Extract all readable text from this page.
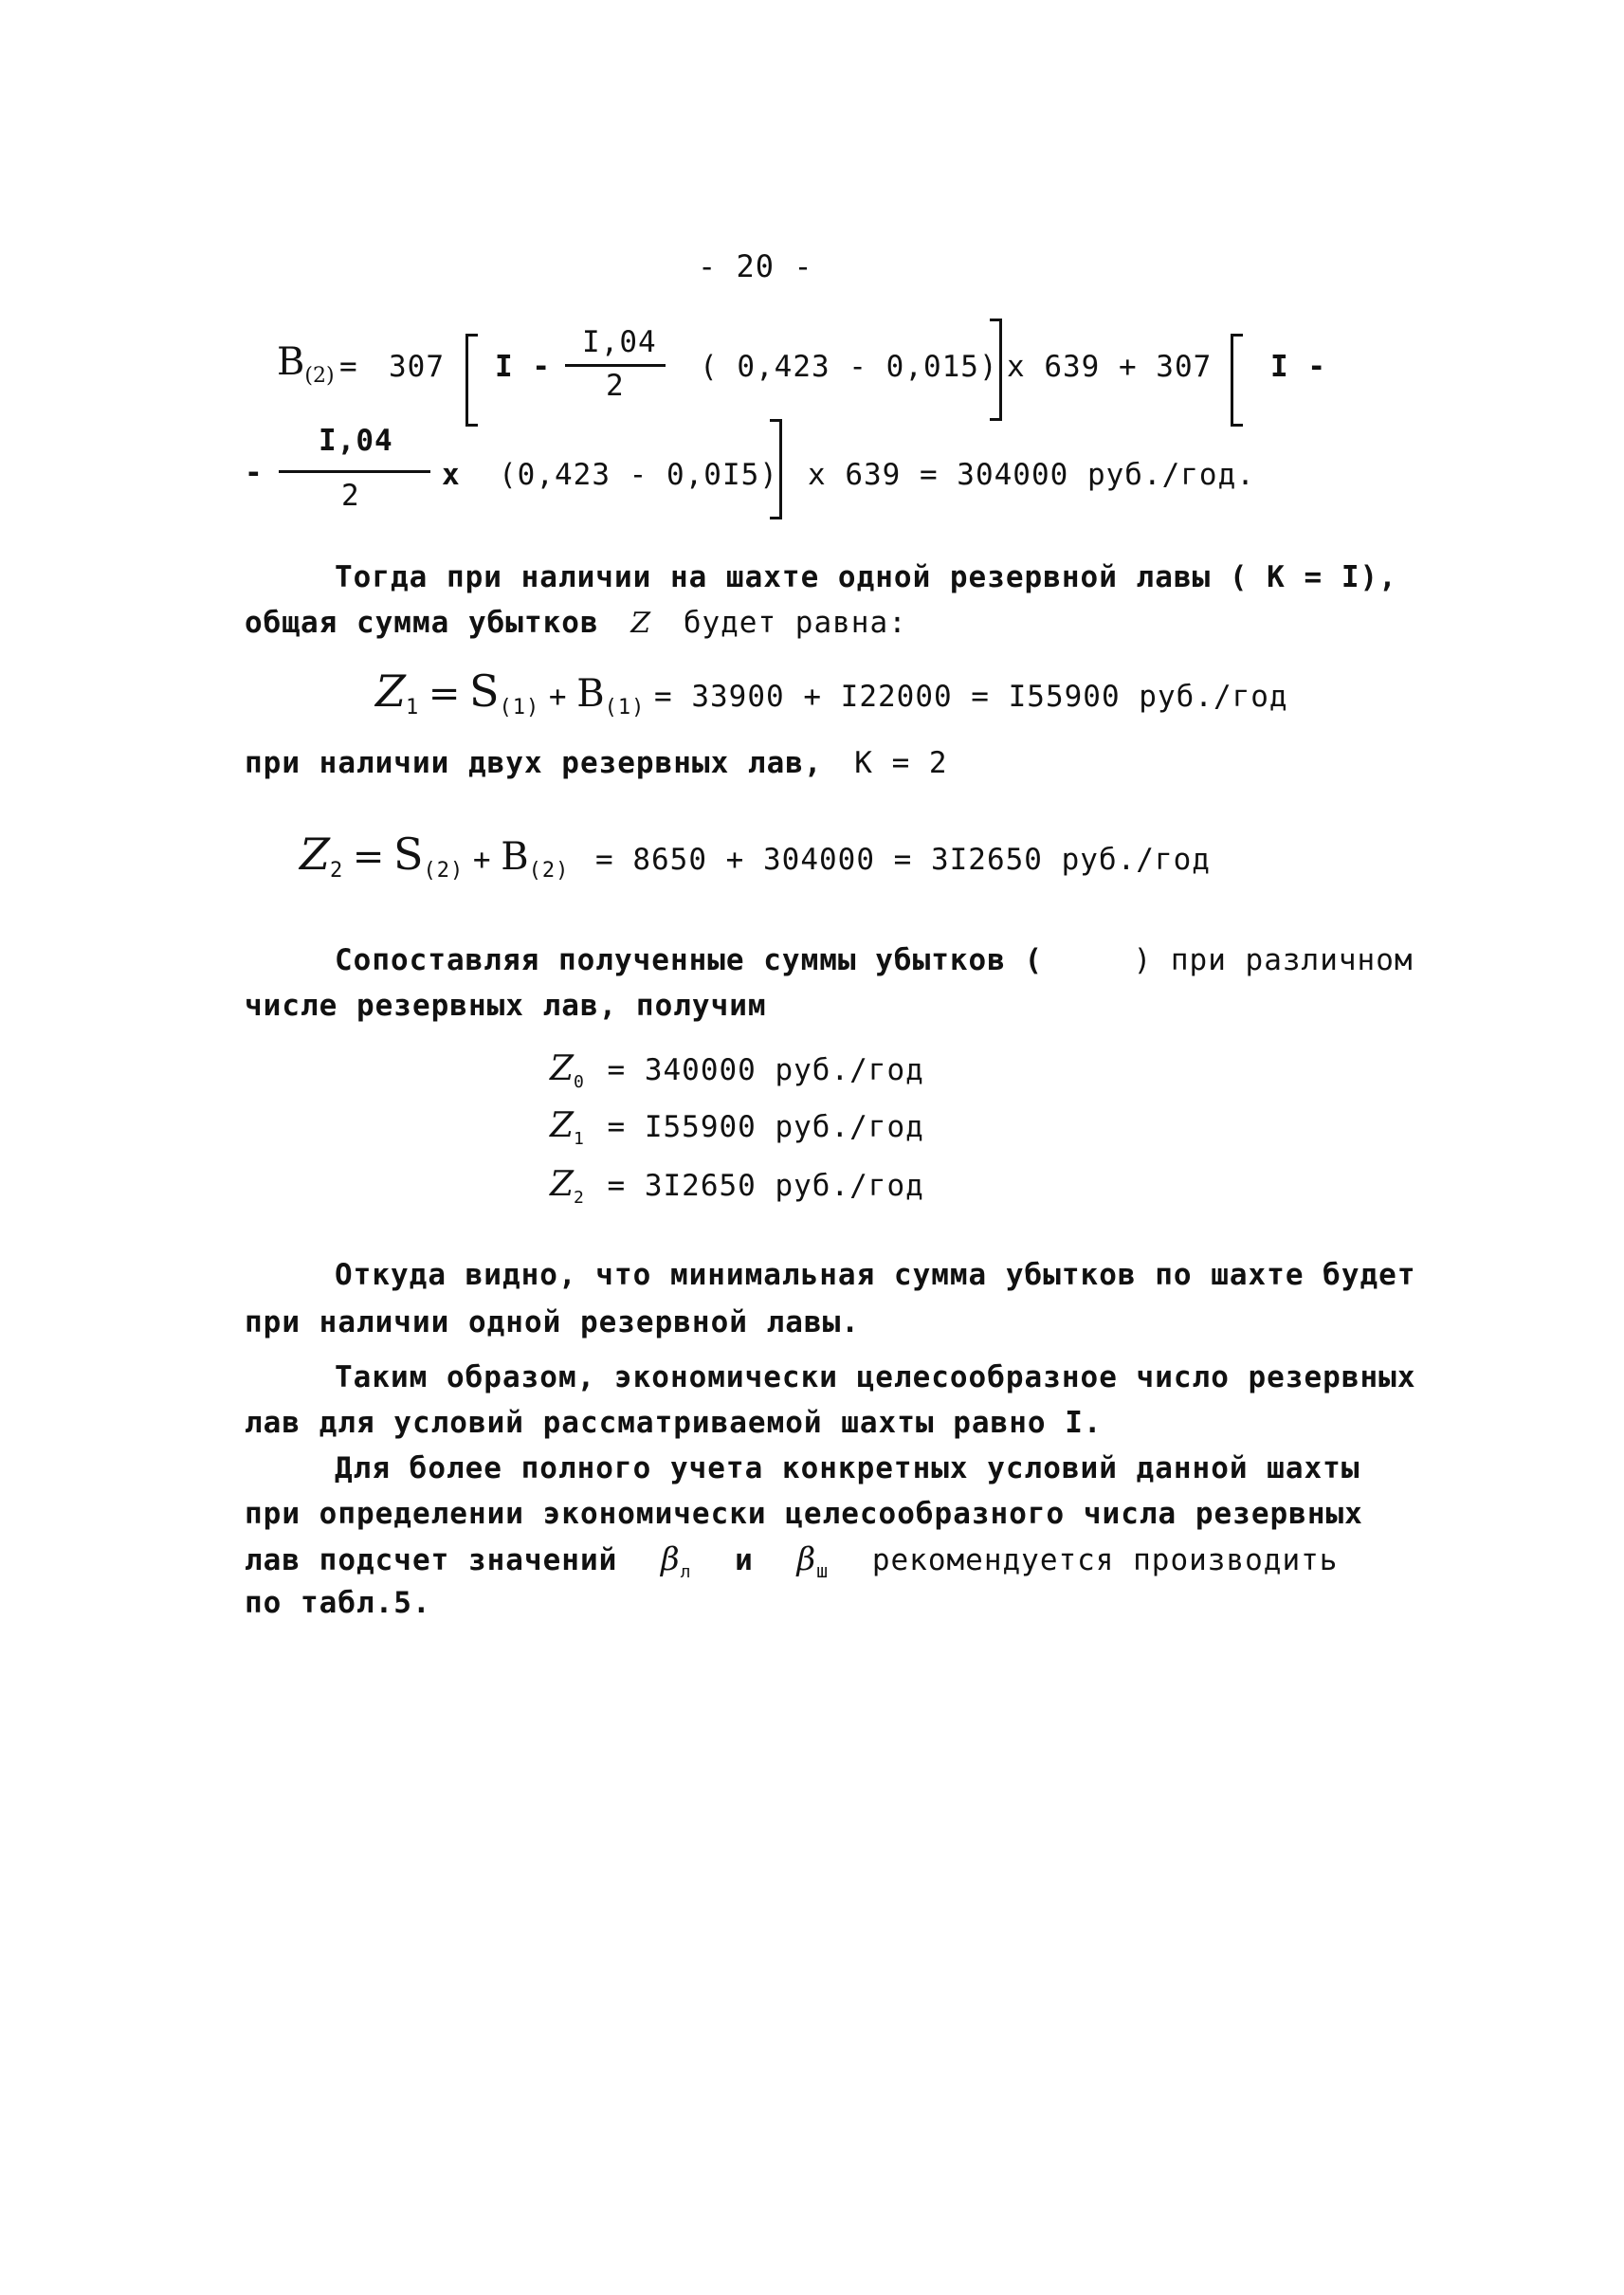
- 20 -
$B_{(2)} = 307$ I -
I,04
2
( 0,423 - 0,015) x 639 + 307 I -
-
I,04
2
x (0,423 - 0,0I5) x 639 = 304000 руб./год.
Тогда при наличии на шахте одной резервной лавы ( К = I),
общая сумма убытков Z будет равна:
Z1 = S(1) + B(1) = 33900 + I22000 = I55900 руб./год
при наличии двух резервных лав, К = 2
Z2 = S(2) + B(2) = 8650 + 304000 = 3I2650 руб./год
Сопоставляя полученные суммы убытков (	) при различном
числе резервных лав, получим
Z0 = 340000 руб./год
Z1 = I55900 руб./год
Z2 = 3I2650 руб./год
Откуда видно, что минимальная сумма убытков по шахте будет
при наличии одной резервной лавы.
Таким образом, экономически целесообразное число резервных
лав для условий рассматриваемой шахты равно I.
Для более полного учета конкретных условий данной шахты
при определении экономически целесообразного числа резервных
лав подсчет значений $\beta_л$ и $\beta_ш$ рекомендуется производить
по табл.5.
